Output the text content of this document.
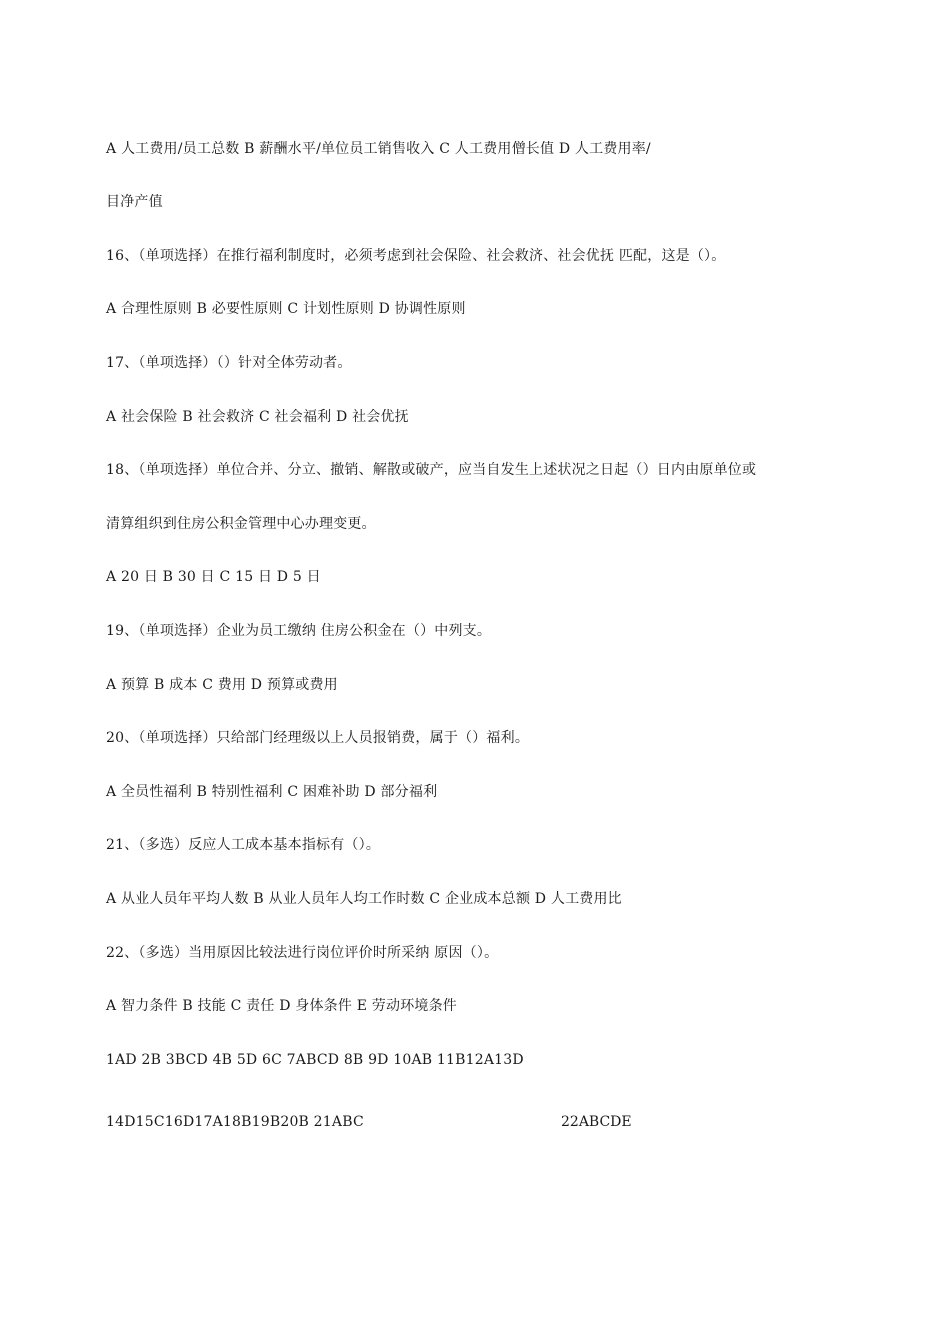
A 人工费用/员工总数 B 薪酬水平/单位员工销售收入 C 人工费用僧长值 D 人工费用率/
目净产值
16、（单项选择）在推行福利制度时，必须考虑到社会保险、社会救济、社会优抚 匹配，这是（）。
A 合理性原则 B 必要性原则 C 计划性原则 D 协调性原则
17、（单项选择）（）针对全体劳动者。
A 社会保险 B 社会救济 C 社会福利 D 社会优抚
18、（单项选择）单位合并、分立、撤销、解散或破产，应当自发生上述状况之日起（）日内由原单位或
清算组织到住房公积金管理中心办理变更。
A 20 日 B 30 日 C 15 日 D 5 日
19、（单项选择）企业为员工缴纳 住房公积金在（）中列支。
A 预算 B 成本 C 费用 D 预算或费用
20、（单项选择）只给部门经理级以上人员报销费，属于（）福利。
A 全员性福利 B 特别性福利 C 困难补助 D 部分福利
21、（多选）反应人工成本基本指标有（）。
A 从业人员年平均人数 B 从业人员年人均工作时数 C 企业成本总额 D 人工费用比
22、（多选）当用原因比较法进行岗位评价时所采纳 原因（）。
A 智力条件 B 技能 C 责任 D 身体条件 E 劳动环境条件
1AD 2B 3BCD 4B 5D 6C 7ABCD 8B 9D 10AB 11B12A13D
14D15C16D17A18B19B20B 21ABC	22ABCDE
